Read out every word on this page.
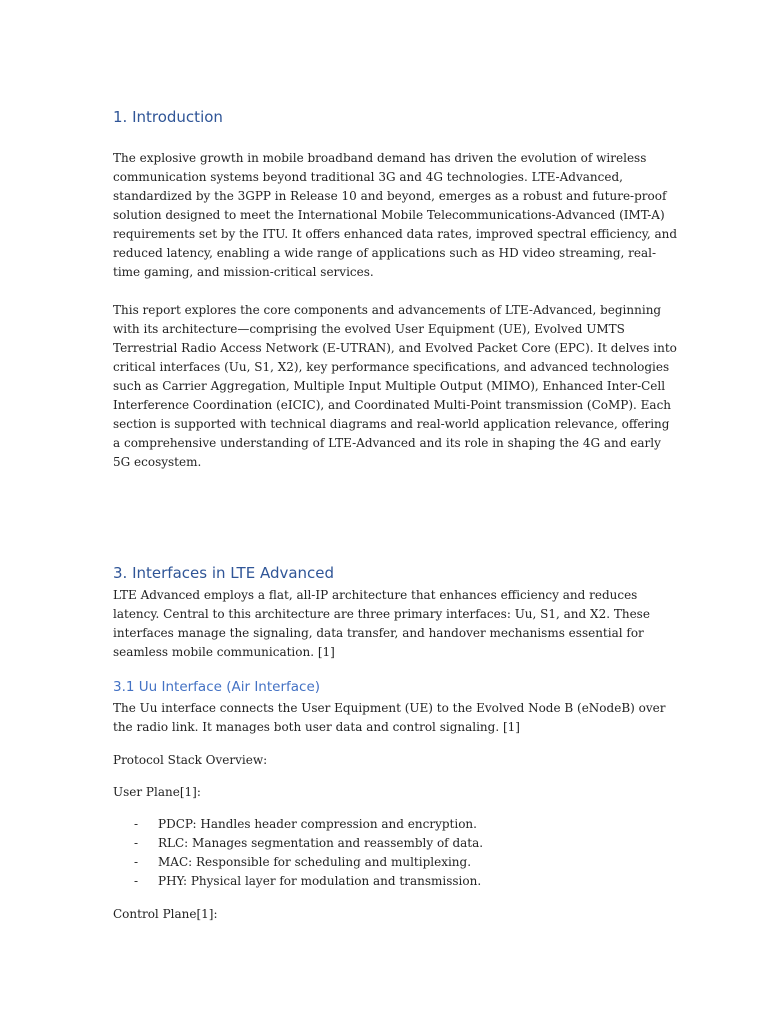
1. Introduction
The explosive growth in mobile broadband demand has driven the evolution of wireless
communication systems beyond traditional 3G and 4G technologies. LTE-Advanced,
standardized by the 3GPP in Release 10 and beyond, emerges as a robust and future-proof
solution designed to meet the International Mobile Telecommunications-Advanced (IMT-A)
requirements set by the ITU. It offers enhanced data rates, improved spectral efficiency, and
reduced latency, enabling a wide range of applications such as HD video streaming, real-
time gaming, and mission-critical services.
This report explores the core components and advancements of LTE-Advanced, beginning
with its architecture—comprising the evolved User Equipment (UE), Evolved UMTS
Terrestrial Radio Access Network (E-UTRAN), and Evolved Packet Core (EPC). It delves into
critical interfaces (Uu, S1, X2), key performance specifications, and advanced technologies
such as Carrier Aggregation, Multiple Input Multiple Output (MIMO), Enhanced Inter-Cell
Interference Coordination (eICIC), and Coordinated Multi-Point transmission (CoMP). Each
section is supported with technical diagrams and real-world application relevance, offering
a comprehensive understanding of LTE-Advanced and its role in shaping the 4G and early
5G ecosystem.
3. Interfaces in LTE Advanced
LTE Advanced employs a flat, all-IP architecture that enhances efficiency and reduces
latency. Central to this architecture are three primary interfaces: Uu, S1, and X2. These
interfaces manage the signaling, data transfer, and handover mechanisms essential for
seamless mobile communication. [1]
3.1 Uu Interface (Air Interface)
The Uu interface connects the User Equipment (UE) to the Evolved Node B (eNodeB) over
the radio link. It manages both user data and control signaling. [1]
Protocol Stack Overview:
User Plane[1]:
- PDCP: Handles header compression and encryption.
- RLC: Manages segmentation and reassembly of data.
- MAC: Responsible for scheduling and multiplexing.
- PHY: Physical layer for modulation and transmission.
Control Plane[1]:
